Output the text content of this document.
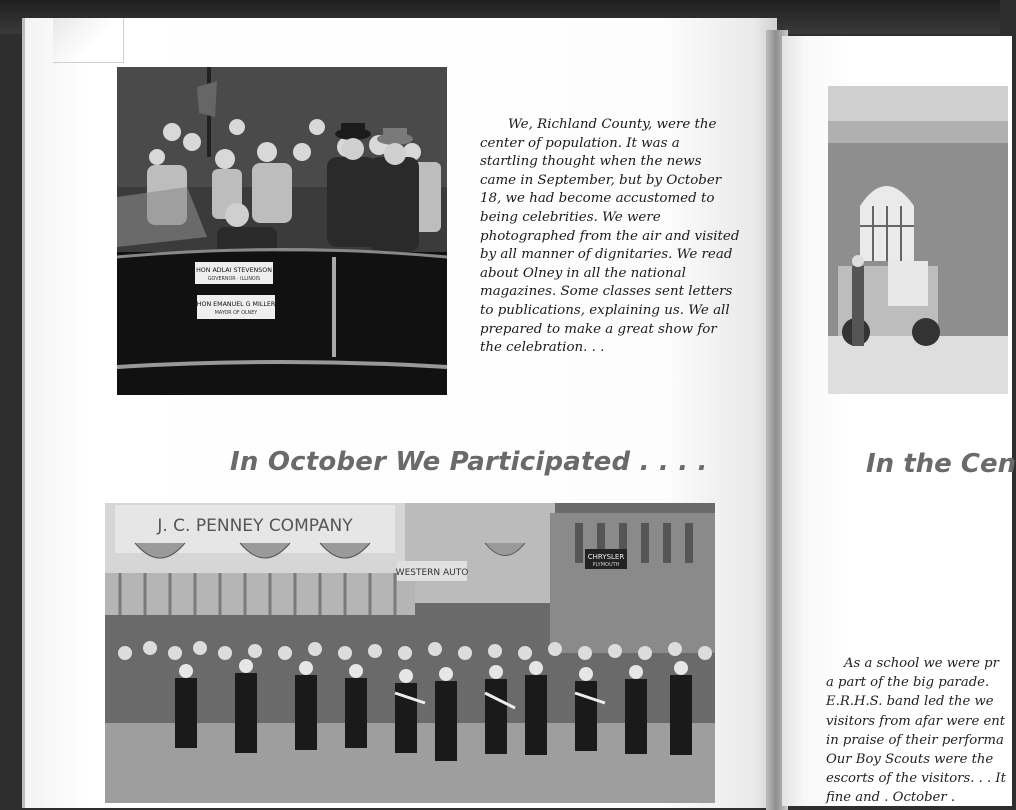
HON ADLAI STEVENSON
GOVERNOR · ILLINOIS
HON EMANUEL G MILLER
MAYOR OF OLNEY

We, Richland County, were the center of population. It was a startling thought when the news came in September, but by October 18, we had become accustomed to being celebrities. We were photographed from the air and visited by all manner of dignitaries. We read about Olney in all the national magazines. Some classes sent letters to publications, explaining us. We all prepared to make a great show for the celebration. . .

In October We Participated . . . .
J. C. PENNEY COMPANY
WESTERN AUTO
CHRYSLER
PLYMOUTH
In the Cen
As a school we were pr
a part of the big parade.
E.R.H.S. band led the we
visitors from afar were ent
in praise of their performa
Our Boy Scouts were the
escorts of the visitors. . . It
fine and . October .
